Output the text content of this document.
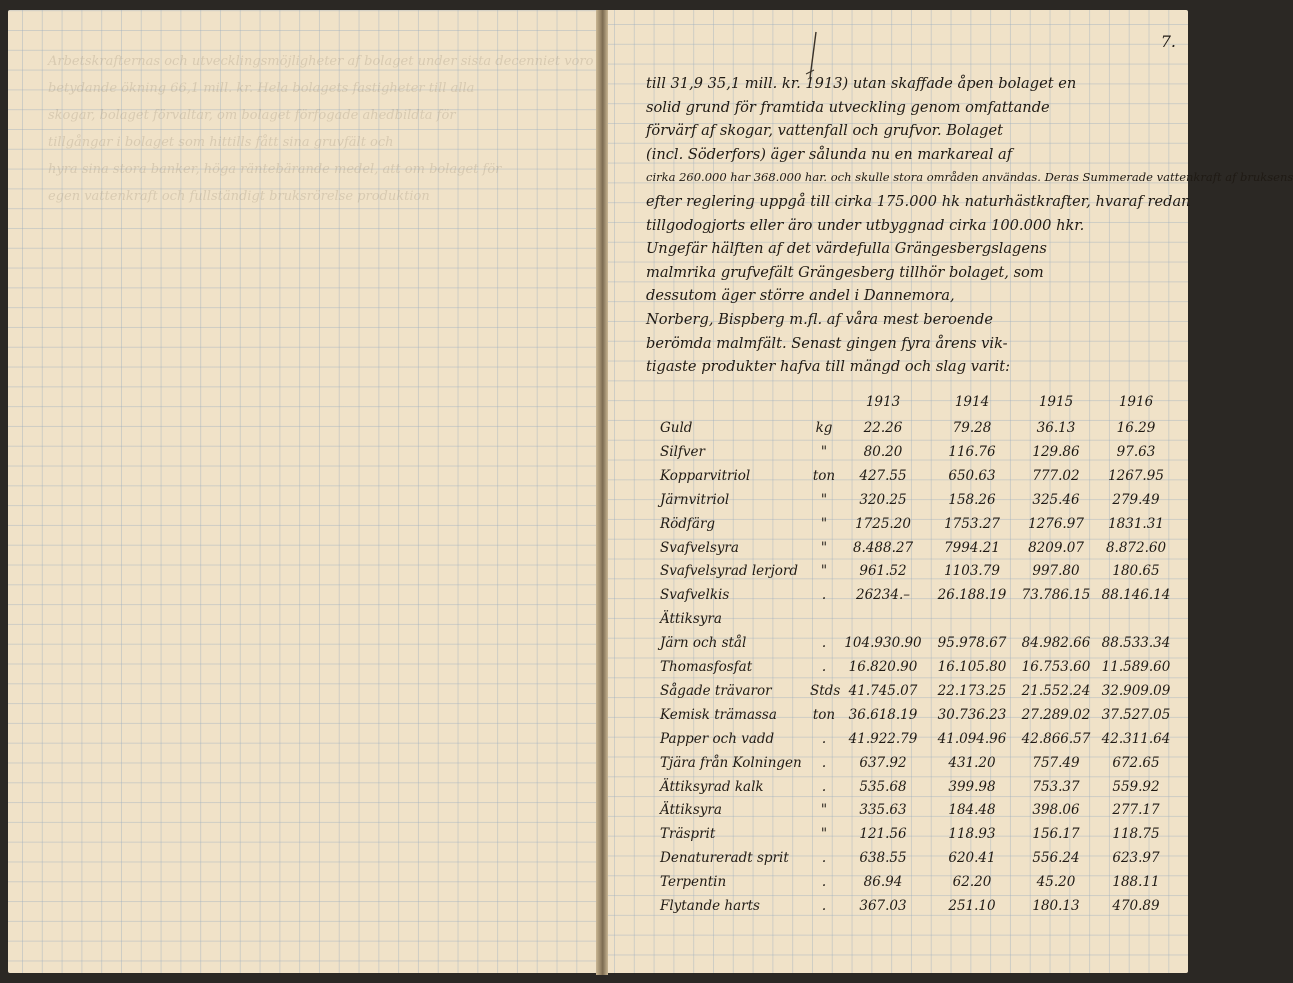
Arbetskrafternas och utvecklingsmöjligheter af bolaget under sista decenniet voro
betydande ökning 66,1 mill. kr. Hela bolagets fastigheter till alla
skogar, bolaget förvaltar, om bolaget förfogade ahedbildta för
tillgångar i bolaget som hittills fått sina gruvfält och
hyra sina stora banker, höga räntebärande medel, att om bolaget för
egen vattenkraft och fullständigt bruksrörelse produktion
7.
till 31,9 35,1 mill. kr. 1913) utan skaffade åpen bolaget en
solid grund för framtida utveckling genom omfattande
förvärf af skogar, vattenfall och grufvor. Bolaget
(incl. Söderfors) äger sålunda nu en markareal af
cirka 260.000 har 368.000 har. och skulle stora områden användas. Deras Summerade vattenkraft af bruksens
efter reglering uppgå till cirka 175.000 hk naturhästkrafter, hvaraf redan
tillgodogjorts eller äro under utbyggnad cirka 100.000 hkr.
Ungefär hälften af det värdefulla Grängesbergslagens
malmrika grufvefält Grängesberg tillhör bolaget, som
dessutom äger större andel i Dannemora,
Norberg, Bispberg m.fl. af våra mest beroende
berömda malmfält. Senast gingen fyra årens vik-
tigaste produkter hafva till mängd och slag varit:
1913	1914	1915	1916
Guld	kg	22.26	79.28	36.13	16.29
Silfver	"	80.20	116.76	129.86	97.63
Kopparvitriol	ton	427.55	650.63	777.02	1267.95
Järnvitriol	"	320.25	158.26	325.46	279.49
Rödfärg	"	1725.20	1753.27	1276.97	1831.31
Svafvelsyra	"	8.488.27	7994.21	8209.07	8.872.60
Svafvelsyrad lerjord	"	961.52	1103.79	997.80	180.65
Svafvelkis	.	26234.–	26.188.19	73.786.15 88.146.14
Ättiksyra
Järn och stål	.	104.930.90	95.978.67	84.982.66 88.533.34
Thomasfosfat	.	16.820.90	16.105.80	16.753.60 11.589.60
Sågade trävaror	Stds 41.745.07	22.173.25	21.552.24 32.909.09
Kemisk trämassa	ton	36.618.19	30.736.23	27.289.02 37.527.05
Papper och vadd	.	41.922.79	41.094.96	42.866.57 42.311.64
Tjära från Kolningen	.	637.92	431.20	757.49	672.65
Ättiksyrad kalk	.	535.68	399.98	753.37	559.92
Ättiksyra	"	335.63	184.48	398.06	277.17
Träsprit	"	121.56	118.93	156.17	118.75
Denatureradt sprit	.	638.55	620.41	556.24	623.97
Terpentin	.	86.94	62.20	45.20	188.11
Flytande harts	.	367.03	251.10	180.13	470.89
